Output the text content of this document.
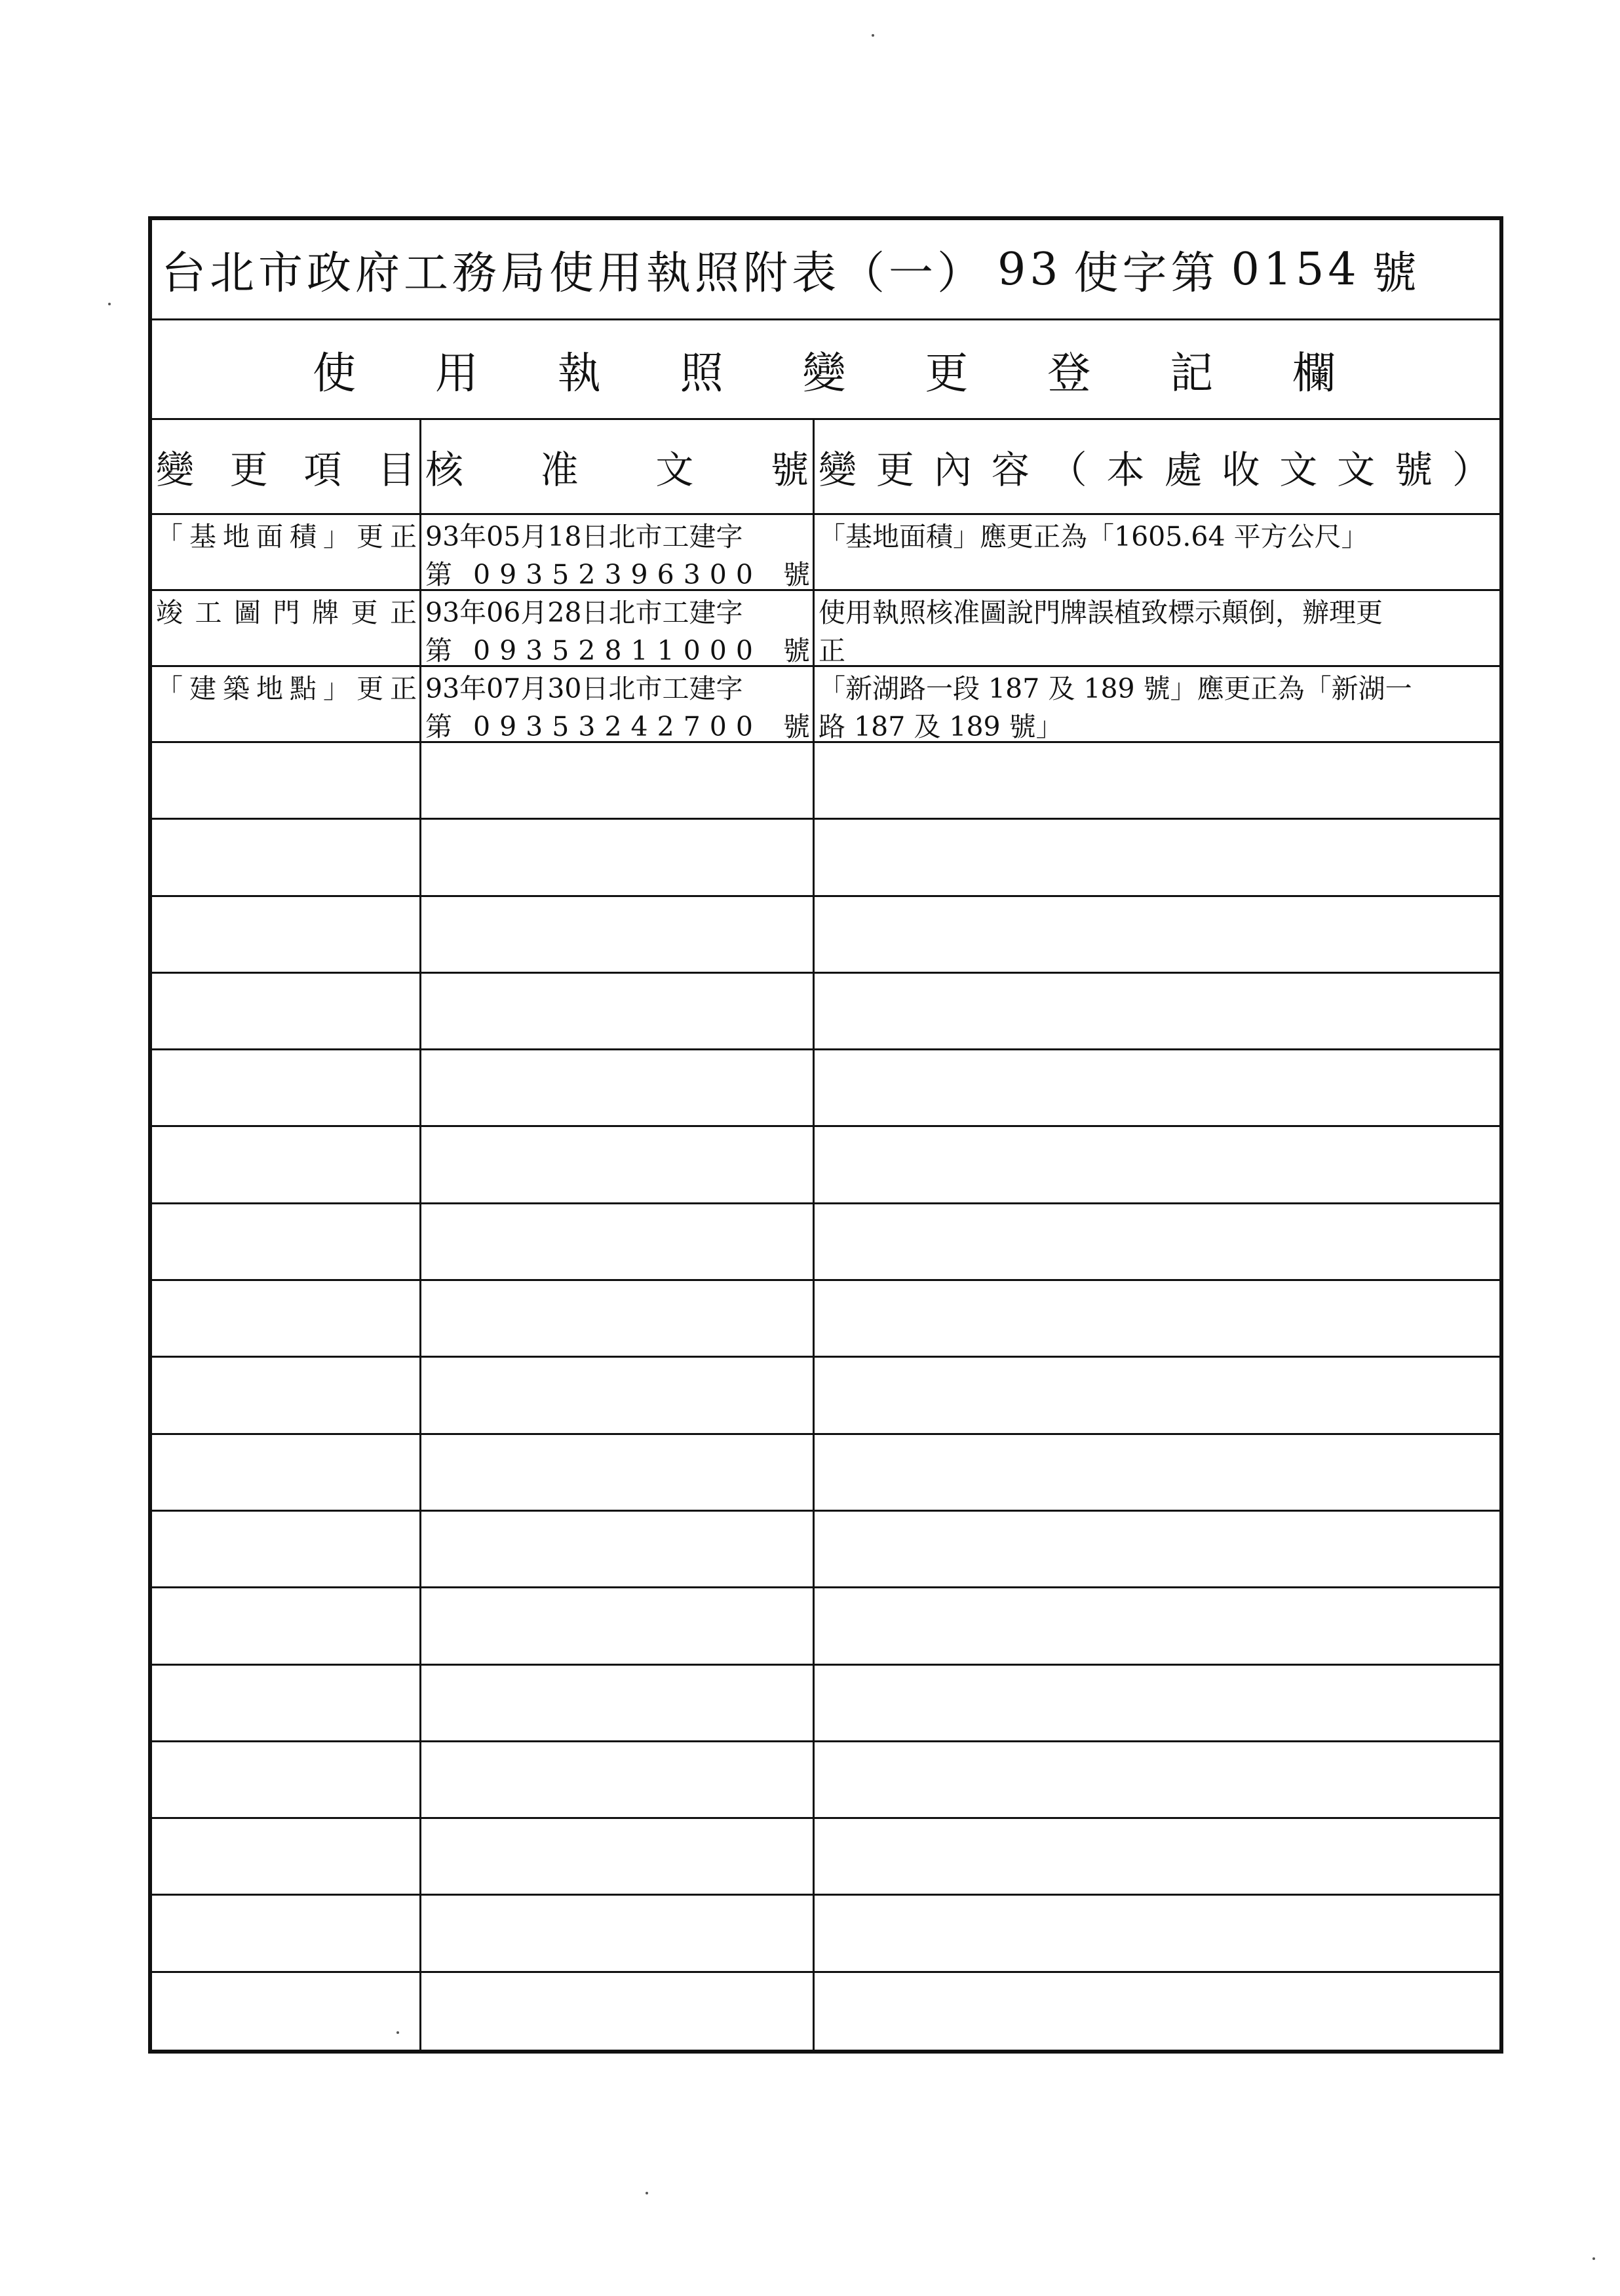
台北市政府工務局使用執照附表（一） 93 使字第 0154 號
使 用 執 照 變 更 登 記 欄
變 更 項 目 核 准 文 號 變 更 內 容 （ 本 處 收 文 文 號 ）
「基地面積」更正 93年05月18日北市工建字
第 09352396300 號
「基地面積」應更正為「1605.64 平方公尺」
竣工圖門牌更正 93年06月28日北市工建字
第 09352811000 號
使用執照核准圖說門牌誤植致標示顛倒，辦理更
正
「建築地點」更正 93年07月30日北市工建字
第 09353242700 號
「新湖路一段 187 及 189 號」應更正為「新湖一
路 187 及 189 號」
